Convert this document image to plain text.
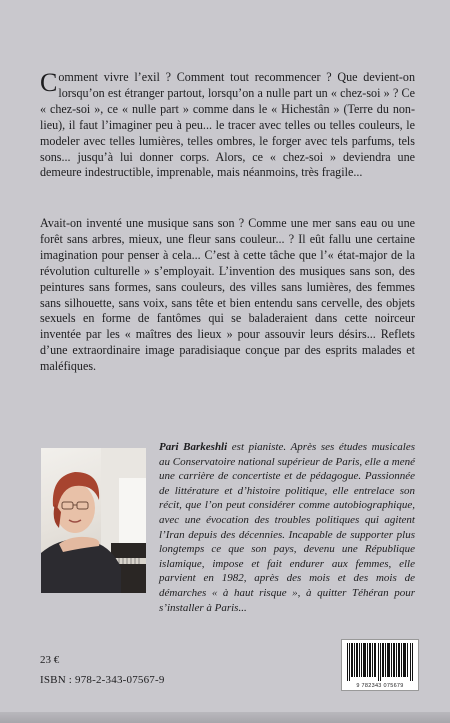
Comment vivre l’exil ? Comment tout recommencer ? Que devient-on lorsqu’on est étranger partout, lorsqu’on a nulle part un « chez-soi » ? Ce « chez-soi », ce « nulle part » comme dans le « Hichestân » (Terre du non-lieu), il faut l’imaginer peu à peu... le tracer avec telles ou telles couleurs, le modeler avec telles lumières, telles ombres, le forger avec tels parfums, tels sons... jusqu’à lui donner corps. Alors, ce « chez-soi » deviendra une demeure indestructible, imprenable, mais néanmoins, très fragile...

Avait-on inventé une musique sans son ? Comme une mer sans eau ou une forêt sans arbres, mieux, une fleur sans couleur... ? Il eût fallu une certaine imagination pour penser à cela... C’est à cette tâche que l’« état-major de la révolution culturelle » s’employait. L’invention des musiques sans son, des peintures sans formes, sans couleurs, des villes sans lumières, des femmes sans silhouette, sans voix, sans tête et bien entendu sans cervelle, des objets sexuels en forme de fantômes qui se baladeraient dans cette noirceur inventée par les « maîtres des lieux » pour assouvir leurs désirs... Reflets d’une extraordinaire image paradisiaque conçue par des esprits malades et maléfiques.

Pari Barkeshli est pianiste. Après ses études musicales au Conservatoire national supérieur de Paris, elle a mené une carrière de concertiste et de pédagogue. Passionnée de littérature et d’histoire politique, elle entrelace son récit, que l’on peut considérer comme autobiographique, avec une évocation des troubles politiques qui agitent l’Iran depuis des décennies. Incapable de supporter plus longtemps ce que son pays, devenu une République islamique, impose et fait endurer aux femmes, elle parvient en 1982, après des mois et des mois de démarches « à haut risque », à quitter Téhéran pour s’installer à Paris...

23 €
ISBN : 978-2-343-07567-9	9 782343 075679
